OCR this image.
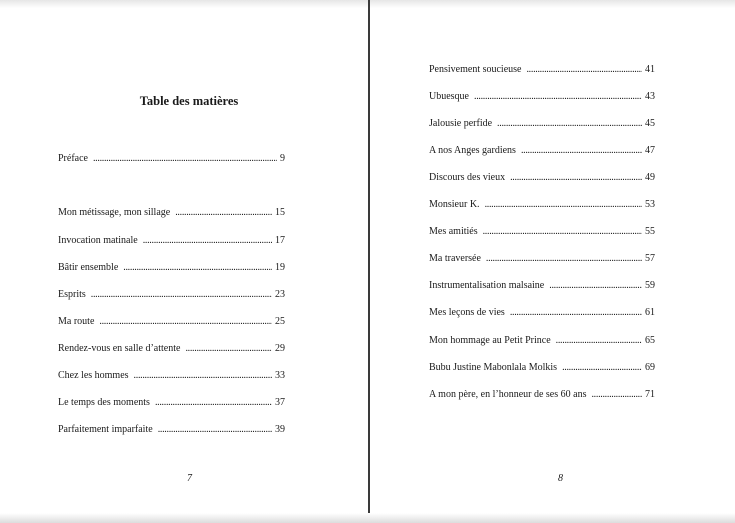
Table des matières
Préface . . .	9
Mon métissage, mon sillage . . .	15
Invocation matinale . . .	17
Bâtir ensemble . . .	19
Esprits . . .	23
Ma route . . .	25
Rendez-vous en salle d’attente . . .	29
Chez les hommes . . .	33
Le temps des moments . . .	37
Parfaitement imparfaite . . .	39
7
Pensivement soucieuse . . .	41
Ubuesque . . .	43
Jalousie perfide . . .	45
A nos Anges gardiens . . .	47
Discours des vieux . . .	49
Monsieur K. . . .	53
Mes amitiés . . .	55
Ma traversée . . .	57
Instrumentalisation malsaine . . .	59
Mes leçons de vies . . .	61
Mon hommage au Petit Prince . . .	65
Bubu Justine Mabonlala Molkis . . .	69
A mon père, en l’honneur de ses 60 ans . . .	71
8
